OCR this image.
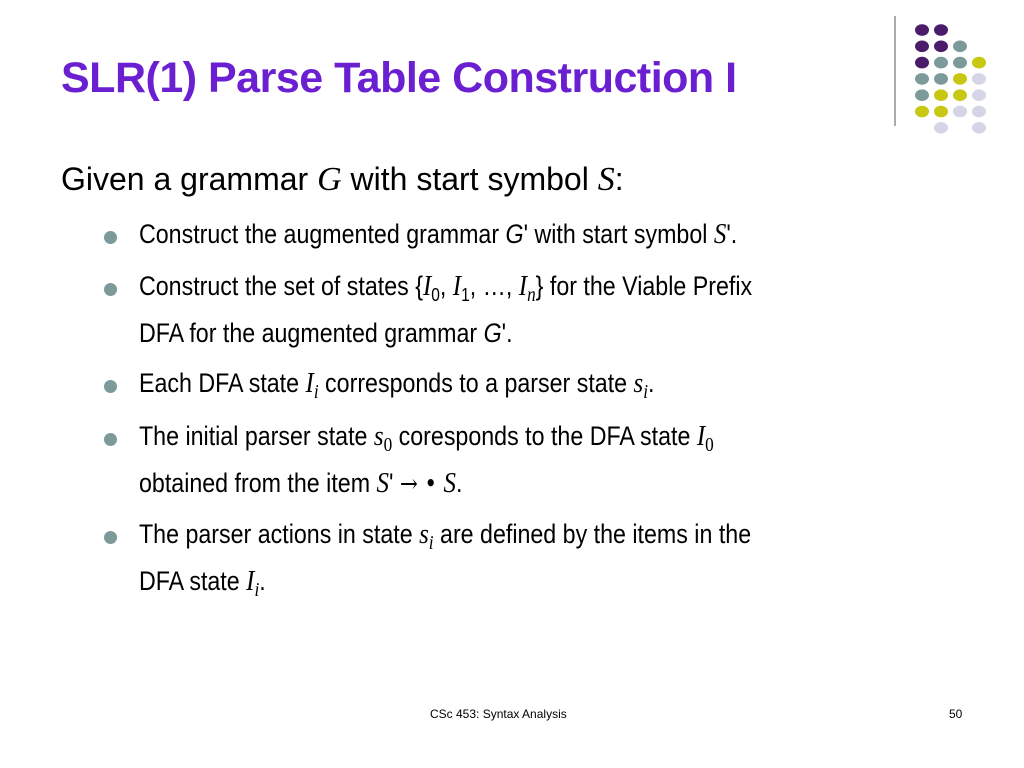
SLR(1) Parse Table Construction I

Given a grammar G with start symbol S:

Construct the augmented grammar G' with start symbol S'.
Construct the set of states {$I_0$, $I_1$, …, $I_n$} for the Viable Prefix
DFA for the augmented grammar G'.
Each DFA state $I_i$ corresponds to a parser state $s_i$.
The initial parser state $s_0$ coresponds to the DFA state $I_0$
obtained from the item S' → • S.
The parser actions in state $s_i$ are defined by the items in the
DFA state $I_i$.
CSc 453: Syntax Analysis	50
